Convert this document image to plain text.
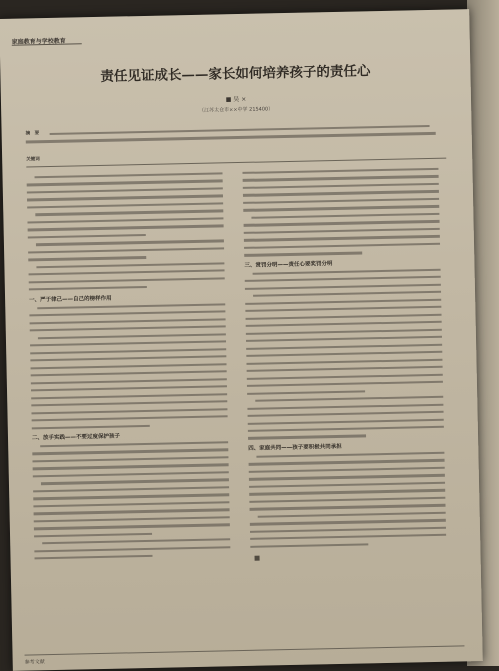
家庭教育与学校教育
责任见证成长——家长如何培养孩子的责任心
■ 吴 ×
（江苏太仓市××中学 215400）
摘　要
关键词
一、严于律己——自己的榜样作用
二、放手实践——不要过度保护孩子
三、赏罚分明——责任心要奖罚分明
四、家庭共同——孩子要积极共同承担
参考文献
